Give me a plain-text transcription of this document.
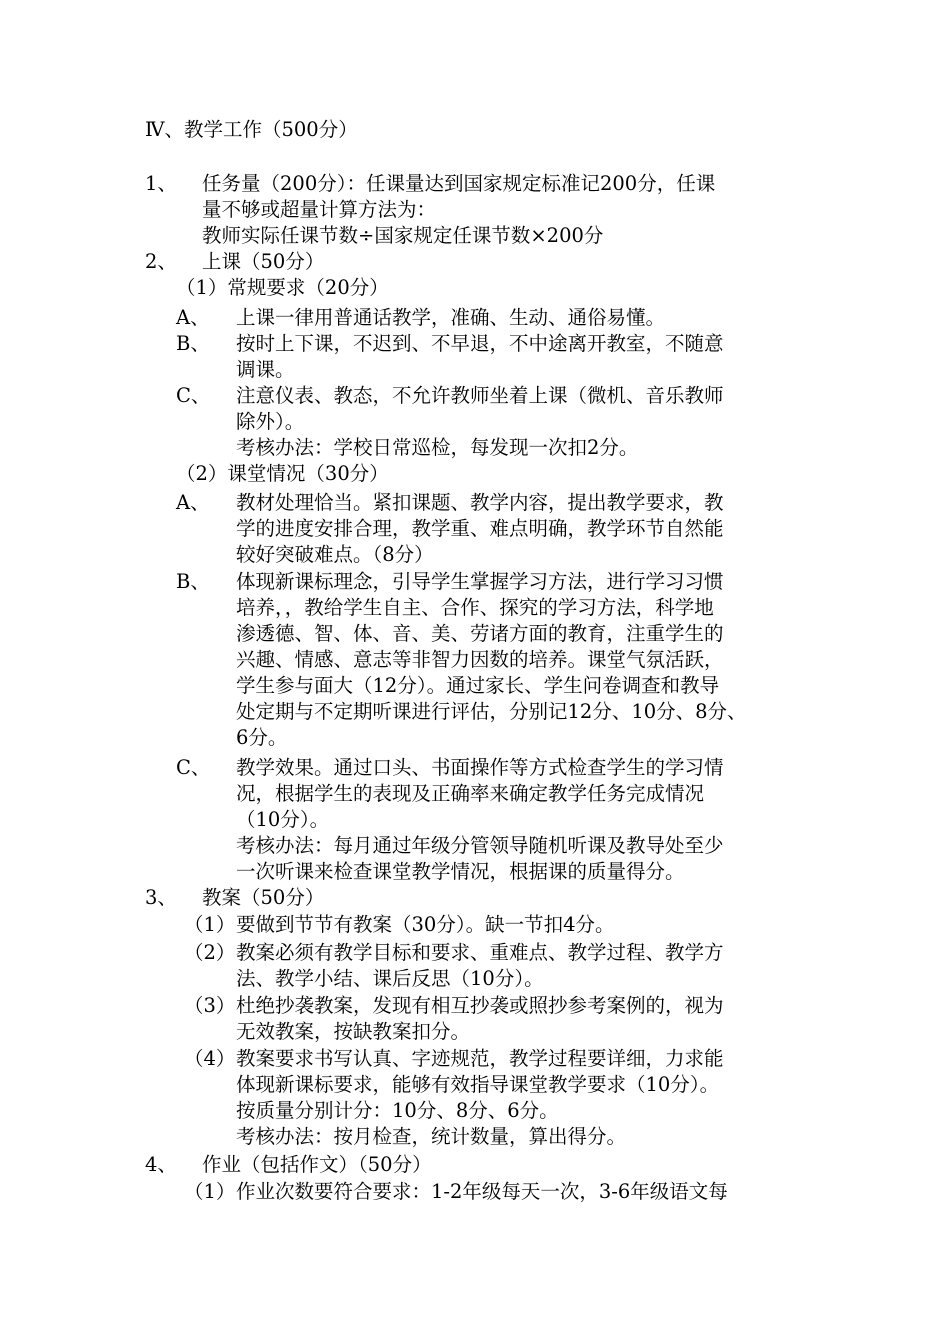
Ⅳ、教学工作（500分）
1、 任务量（200分）：任课量达到国家规定标准记200分，任课
量不够或超量计算方法为：
教师实际任课节数÷国家规定任课节数×200分
2、 上课（50分）
（1）常规要求（20分）
A、 上课一律用普通话教学，准确、生动、通俗易懂。
B、 按时上下课，不迟到、不早退，不中途离开教室，不随意
调课。
C、 注意仪表、教态，不允许教师坐着上课（微机、音乐教师
除外）。
考核办法：学校日常巡检，每发现一次扣2分。
（2）课堂情况（30分）
A、 教材处理恰当。紧扣课题、教学内容，提出教学要求，教
学的进度安排合理，教学重、难点明确，教学环节自然能
较好突破难点。（8分）
B、 体现新课标理念，引导学生掌握学习方法，进行学习习惯
培养，，教给学生自主、合作、探究的学习方法，科学地
渗透德、智、体、音、美、劳诸方面的教育，注重学生的
兴趣、情感、意志等非智力因数的培养。课堂气氛活跃，
学生参与面大（12分）。通过家长、学生问卷调查和教导
处定期与不定期听课进行评估，分别记12分、10分、8分、
6分。
C、 教学效果。通过口头、书面操作等方式检查学生的学习情
况，根据学生的表现及正确率来确定教学任务完成情况
（10分）。
考核办法：每月通过年级分管领导随机听课及教导处至少
一次听课来检查课堂教学情况，根据课的质量得分。
3、 教案（50分）
（1） 要做到节节有教案（30分）。缺一节扣4分。
（2） 教案必须有教学目标和要求、重难点、教学过程、教学方
法、教学小结、课后反思（10分）。
（3） 杜绝抄袭教案，发现有相互抄袭或照抄参考案例的，视为
无效教案，按缺教案扣分。
（4） 教案要求书写认真、字迹规范，教学过程要详细，力求能
体现新课标要求，能够有效指导课堂教学要求（10分）。
按质量分别计分：10分、8分、6分。
考核办法：按月检查，统计数量，算出得分。
4、 作业（包括作文）（50分）
（1） 作业次数要符合要求：1-2年级每天一次，3-6年级语文每
